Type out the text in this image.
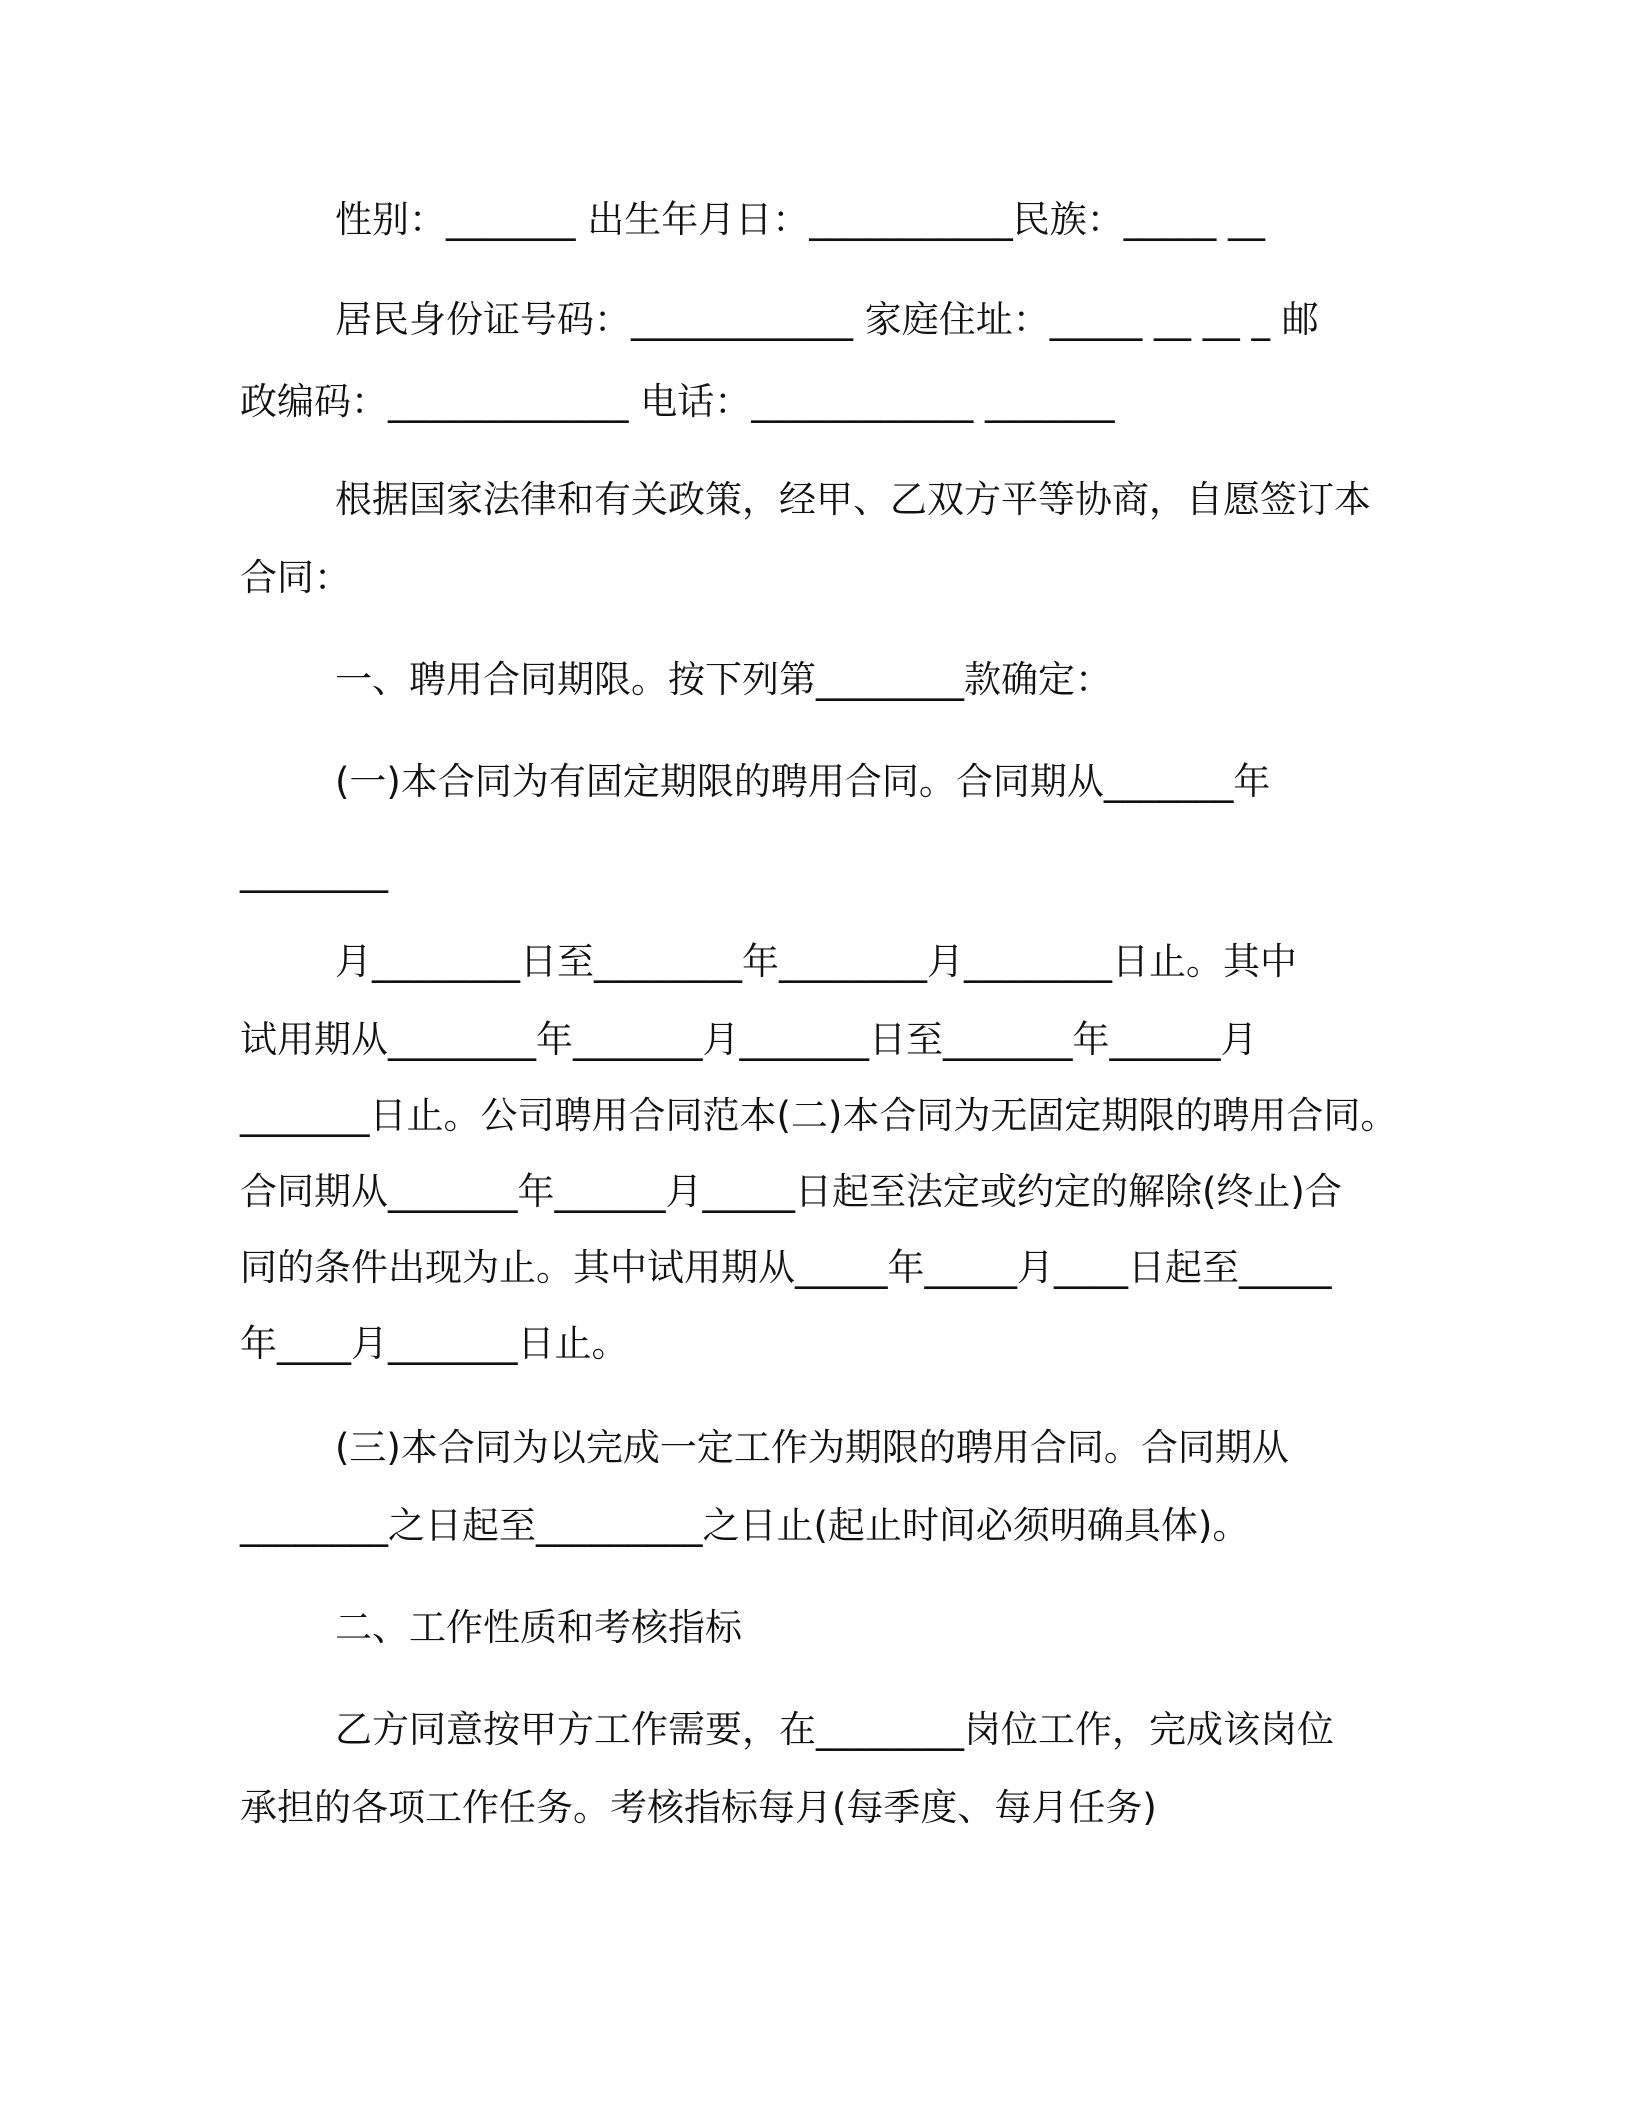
性别：_______ 出生年月日：___________民族：_____ __
居民身份证号码：____________ 家庭住址：_____ __ __ _ 邮
政编码：_____________ 电话：____________ _______
根据国家法律和有关政策，经甲、乙双方平等协商，自愿签订本
合同：
一、聘用合同期限。按下列第________款确定：
(一)本合同为有固定期限的聘用合同。合同期从_______年
________
月________日至________年________月________日止。其中
试用期从________年_______月_______日至_______年______月
_______日止。公司聘用合同范本(二)本合同为无固定期限的聘用合同。
合同期从_______年______月_____日起至法定或约定的解除(终止)合
同的条件出现为止。其中试用期从_____年_____月____日起至_____
年____月_______日止。
(三)本合同为以完成一定工作为期限的聘用合同。合同期从
________之日起至_________之日止(起止时间必须明确具体)。
二、工作性质和考核指标
乙方同意按甲方工作需要，在________岗位工作，完成该岗位
承担的各项工作任务。考核指标每月(每季度、每月任务)
